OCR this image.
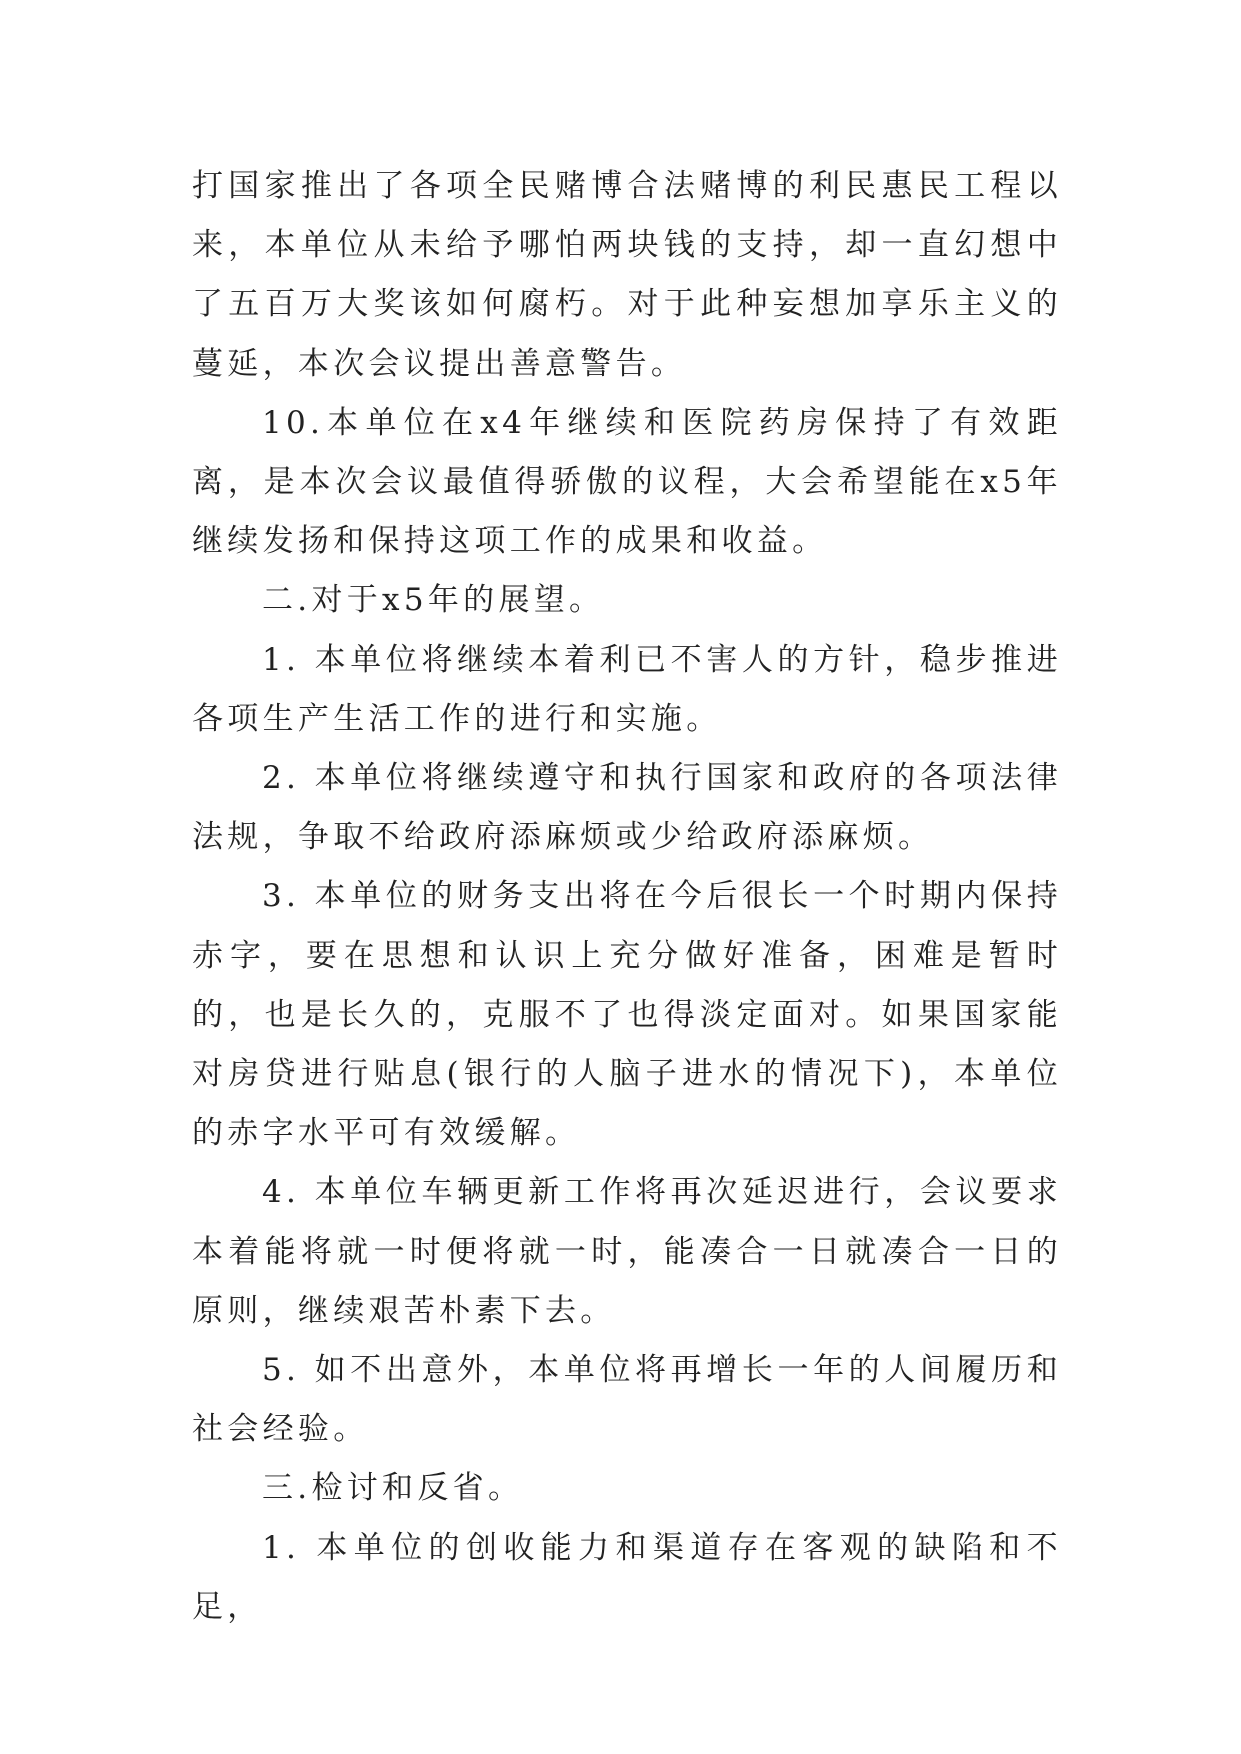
打国家推出了各项全民赌博合法赌博的利民惠民工程以来，本单位从未给予哪怕两块钱的支持，却一直幻想中了五百万大奖该如何腐朽。对于此种妄想加享乐主义的蔓延，本次会议提出善意警告。

10.本单位在x4年继续和医院药房保持了有效距离，是本次会议最值得骄傲的议程，大会希望能在x5年继续发扬和保持这项工作的成果和收益。

二.对于x5年的展望。

1. 本单位将继续本着利已不害人的方针，稳步推进各项生产生活工作的进行和实施。

2. 本单位将继续遵守和执行国家和政府的各项法律法规，争取不给政府添麻烦或少给政府添麻烦。

3. 本单位的财务支出将在今后很长一个时期内保持赤字，要在思想和认识上充分做好准备，困难是暂时的，也是长久的，克服不了也得淡定面对。如果国家能对房贷进行贴息(银行的人脑子进水的情况下)，本单位的赤字水平可有效缓解。

4. 本单位车辆更新工作将再次延迟进行，会议要求本着能将就一时便将就一时，能凑合一日就凑合一日的原则，继续艰苦朴素下去。

5. 如不出意外，本单位将再增长一年的人间履历和社会经验。

三.检讨和反省。

1. 本单位的创收能力和渠道存在客观的缺陷和不足，
